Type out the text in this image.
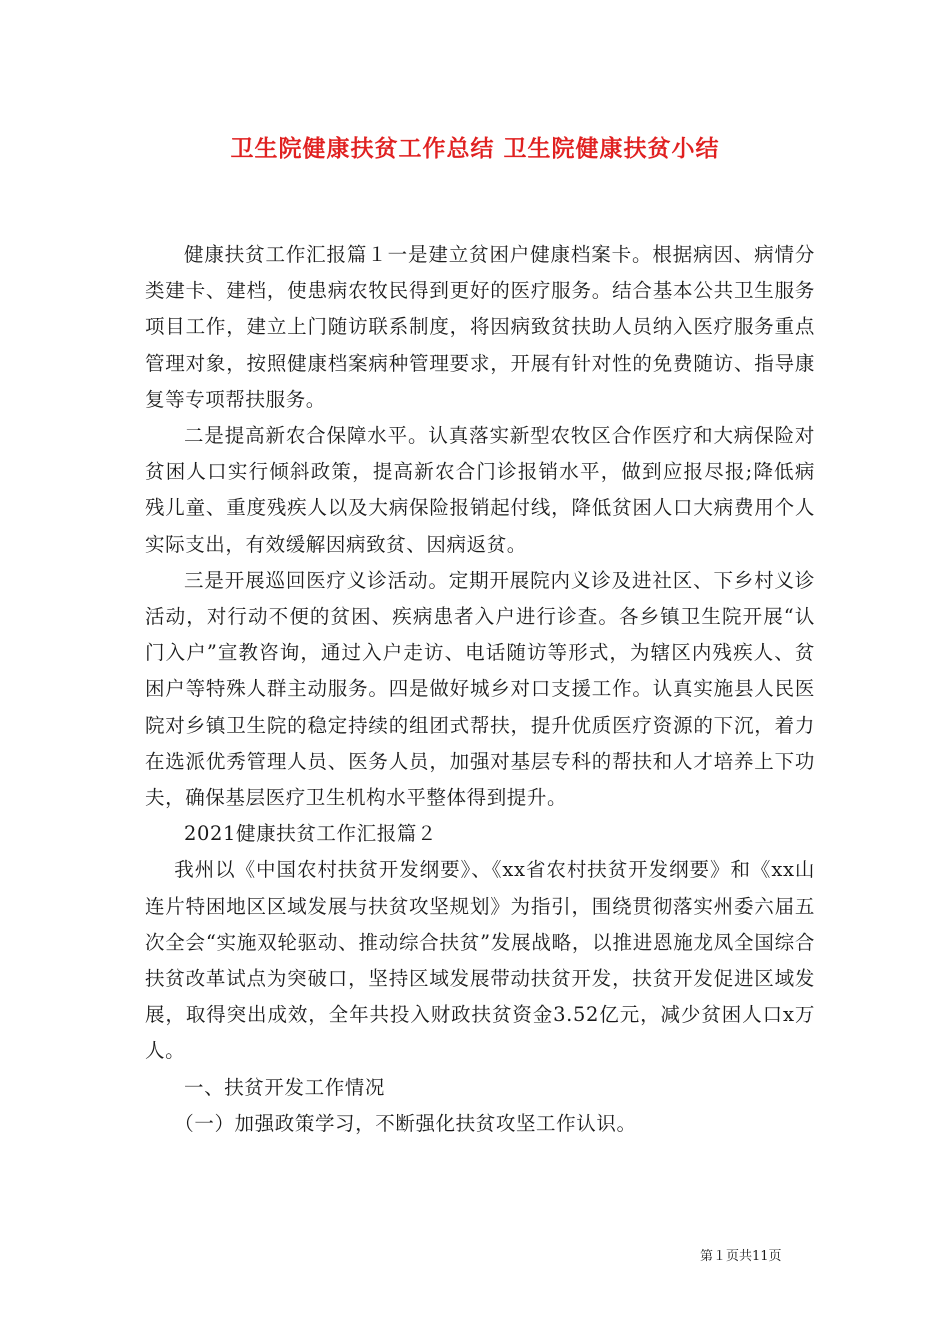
卫生院健康扶贫工作总结 卫生院健康扶贫小结

健康扶贫工作汇报篇１一是建立贫困户健康档案卡。根据病因、病情分类建卡、建档，使患病农牧民得到更好的医疗服务。结合基本公共卫生服务项目工作，建立上门随访联系制度，将因病致贫扶助人员纳入医疗服务重点管理对象，按照健康档案病种管理要求，开展有针对性的免费随访、指导康复等专项帮扶服务。

二是提高新农合保障水平。认真落实新型农牧区合作医疗和大病保险对贫困人口实行倾斜政策，提高新农合门诊报销水平，做到应报尽报;降低病残儿童、重度残疾人以及大病保险报销起付线，降低贫困人口大病费用个人实际支出，有效缓解因病致贫、因病返贫。

三是开展巡回医疗义诊活动。定期开展院内义诊及进社区、下乡村义诊活动，对行动不便的贫困、疾病患者入户进行诊查。各乡镇卫生院开展“认门入户”宣教咨询，通过入户走访、电话随访等形式，为辖区内残疾人、贫困户等特殊人群主动服务。四是做好城乡对口支援工作。认真实施县人民医院对乡镇卫生院的稳定持续的组团式帮扶，提升优质医疗资源的下沉，着力在选派优秀管理人员、医务人员，加强对基层专科的帮扶和人才培养上下功夫，确保基层医疗卫生机构水平整体得到提升。

2021健康扶贫工作汇报篇２

我州以《中国农村扶贫开发纲要》、《xx省农村扶贫开发纲要》和《xx山连片特困地区区域发展与扶贫攻坚规划》为指引，围绕贯彻落实州委六届五次全会“实施双轮驱动、推动综合扶贫”发展战略，以推进恩施龙凤全国综合扶贫改革试点为突破口，坚持区域发展带动扶贫开发，扶贫开发促进区域发展，取得突出成效，全年共投入财政扶贫资金3.52亿元，减少贫困人口x万人。

一、扶贫开发工作情况

（一）加强政策学习，不断强化扶贫攻坚工作认识。

第１页共11页
